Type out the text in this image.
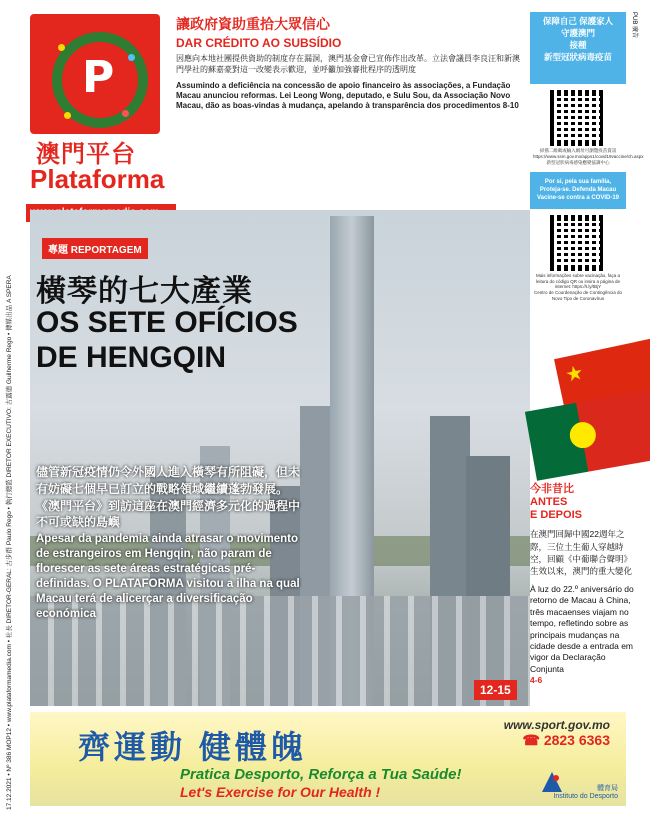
17.12.2021 • Nº 386 MOP12 • www.plataformamedia.com • 社長 DIRETOR-GERAL: 古步群 Paulo Rego • 執行總監 DIRETOR EXECUTIVO: 古露德 Guilherme Rego • 傳媒出品 A SPERA
PUB 廣告
P
澳門平台
Plataforma
讓政府資助重拾大眾信心
DAR CRÉDITO AO SUBSÍDIO
因應向本地社團提供資助的制度存在漏洞，澳門基金會已宣佈作出改革。立法會議員李良汪和新澳門學社的蘇嘉豪對這一改變表示歡迎，並呼籲加強審批程序的透明度
Assumindo a deficiência na concessão de apoio financeiro às associações, a Fundação Macau anunciou reformas. Lei Leong Wong, deputado, e Sulu Sou, da Associação Novo Macau, dão as boas-vindas à mudança, apelando à transparência dos procedimentos 8-10
保障自己 保護家人
守護澳門
接種
新型冠狀病毒疫苗
掃描二維碼或輸入網址可瀏覽疫苗資訊
https://www.ssm.gov.mo/apps1/covid19vaccine/ch.aspx
新型冠狀病毒感染應變協調中心
Por si, pela sua família, Proteja-se. Defenda Macau Vacine-se contra a COVID-19
Mais informações sobre vacinação, faça a leitura do código QR ou insira a página de internet: https://t.ly/tBjY
Centro de Coordenação de Contingência do Novo Tipo de Coronavírus
專題 REPORTAGEM
橫琴的七大產業
OS SETE OFÍCIOS DE HENGQIN
儘管新冠疫情仍令外國人進入橫琴有所阻礙，但未有妨礙七個早已訂立的戰略領域繼續蓬勃發展。《澳門平台》到訪這座在澳門經濟多元化的過程中不可或缺的島嶼
Apesar da pandemia ainda atrasar o movimento de estrangeiros em Hengqin, não param de florescer as sete áreas estratégicas pré-definidas. O PLATAFORMA visitou a ilha na qual Macau terá de alicerçar a diversificação económica
12-15
★
今非昔比
ANTES
E DEPOIS
在澳門回歸中國22週年之際，三位土生葡人穿越時空，回顧《中葡聯合聲明》生效以來，澳門的重大變化
À luz do 22.º aniversário do retorno de Macau à China, três macaenses viajam no tempo, refletindo sobre as principais mudanças na cidade desde a entrada em vigor da Declaração Conjunta
4-6
齊運動 健體魄
www.sport.gov.mo
☎ 2823 6363
Pratica Desporto, Reforça a Tua Saúde!
Let's Exercise for Our Health !	體育局
Instituto do Desporto
